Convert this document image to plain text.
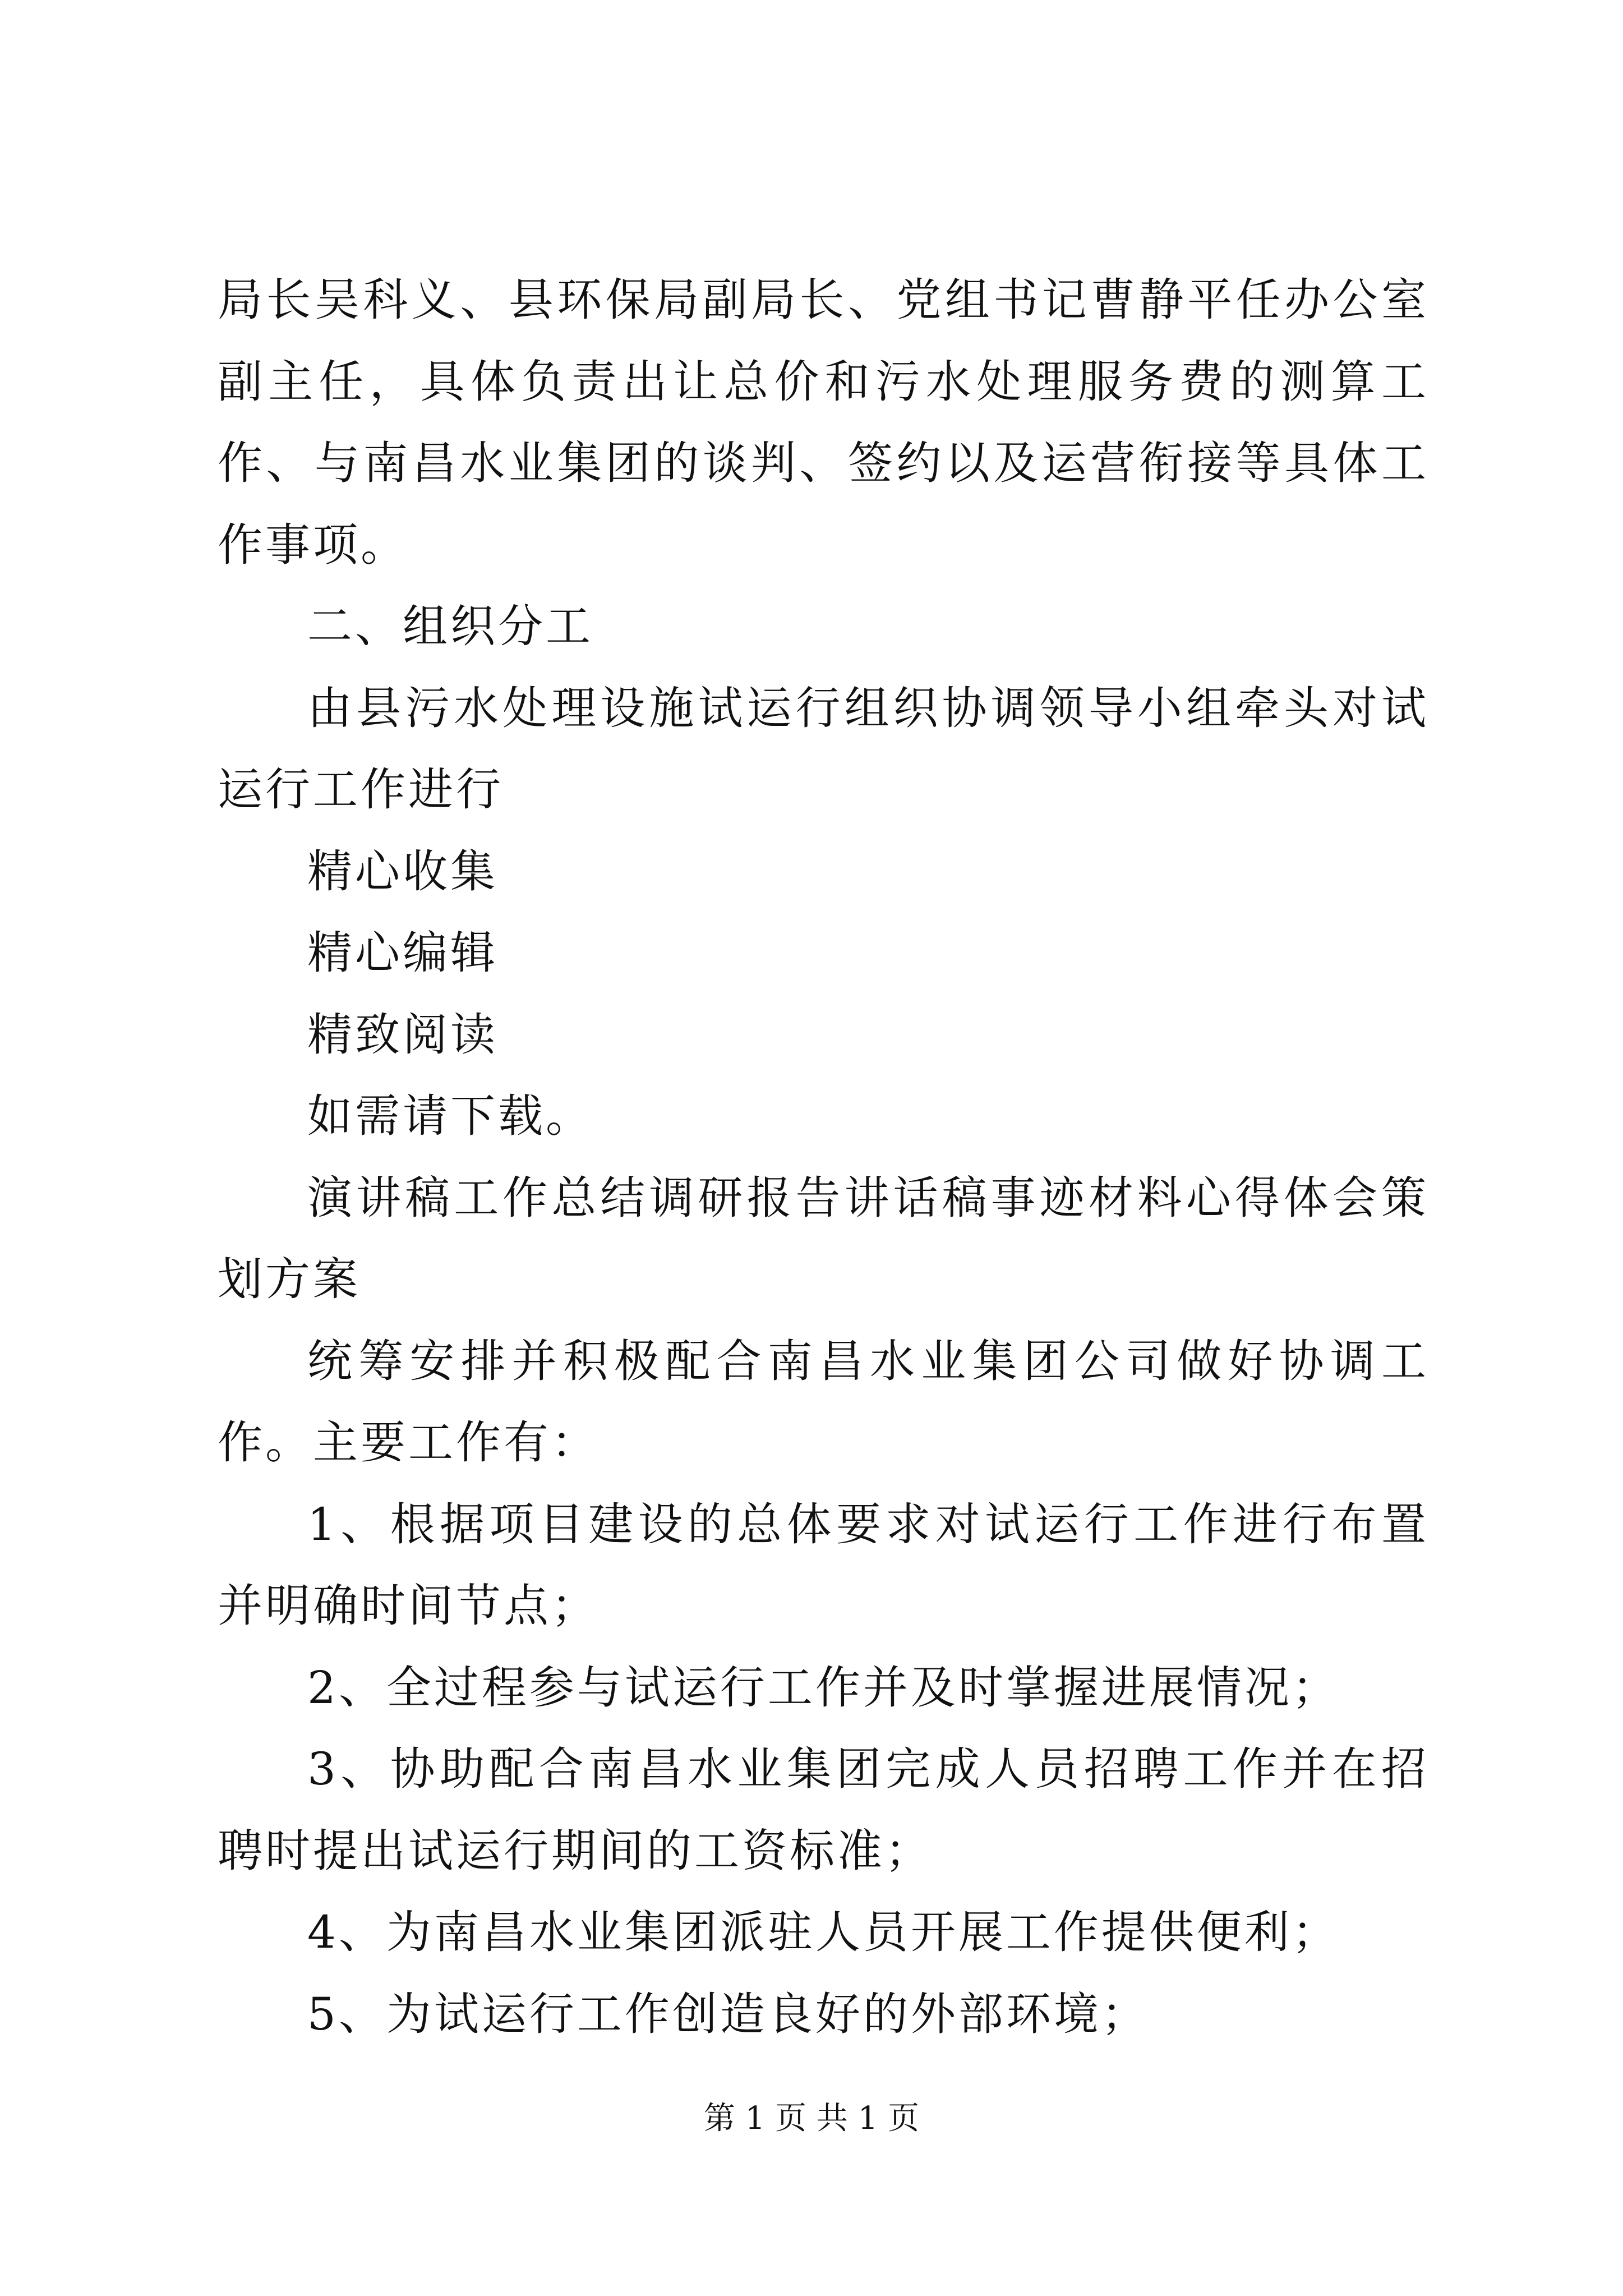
局长吴科义、县环保局副局长、党组书记曹静平任办公室副主任，具体负责出让总价和污水处理服务费的测算工作、与南昌水业集团的谈判、签约以及运营衔接等具体工作事项。

二、组织分工

由县污水处理设施试运行组织协调领导小组牵头对试运行工作进行

精心收集

精心编辑

精致阅读

如需请下载。

演讲稿工作总结调研报告讲话稿事迹材料心得体会策划方案

统筹安排并积极配合南昌水业集团公司做好协调工作。主要工作有：

1、根据项目建设的总体要求对试运行工作进行布置并明确时间节点；

2、全过程参与试运行工作并及时掌握进展情况；

3、协助配合南昌水业集团完成人员招聘工作并在招聘时提出试运行期间的工资标准；

4、为南昌水业集团派驻人员开展工作提供便利；

5、为试运行工作创造良好的外部环境；

第 1 页 共 1 页
